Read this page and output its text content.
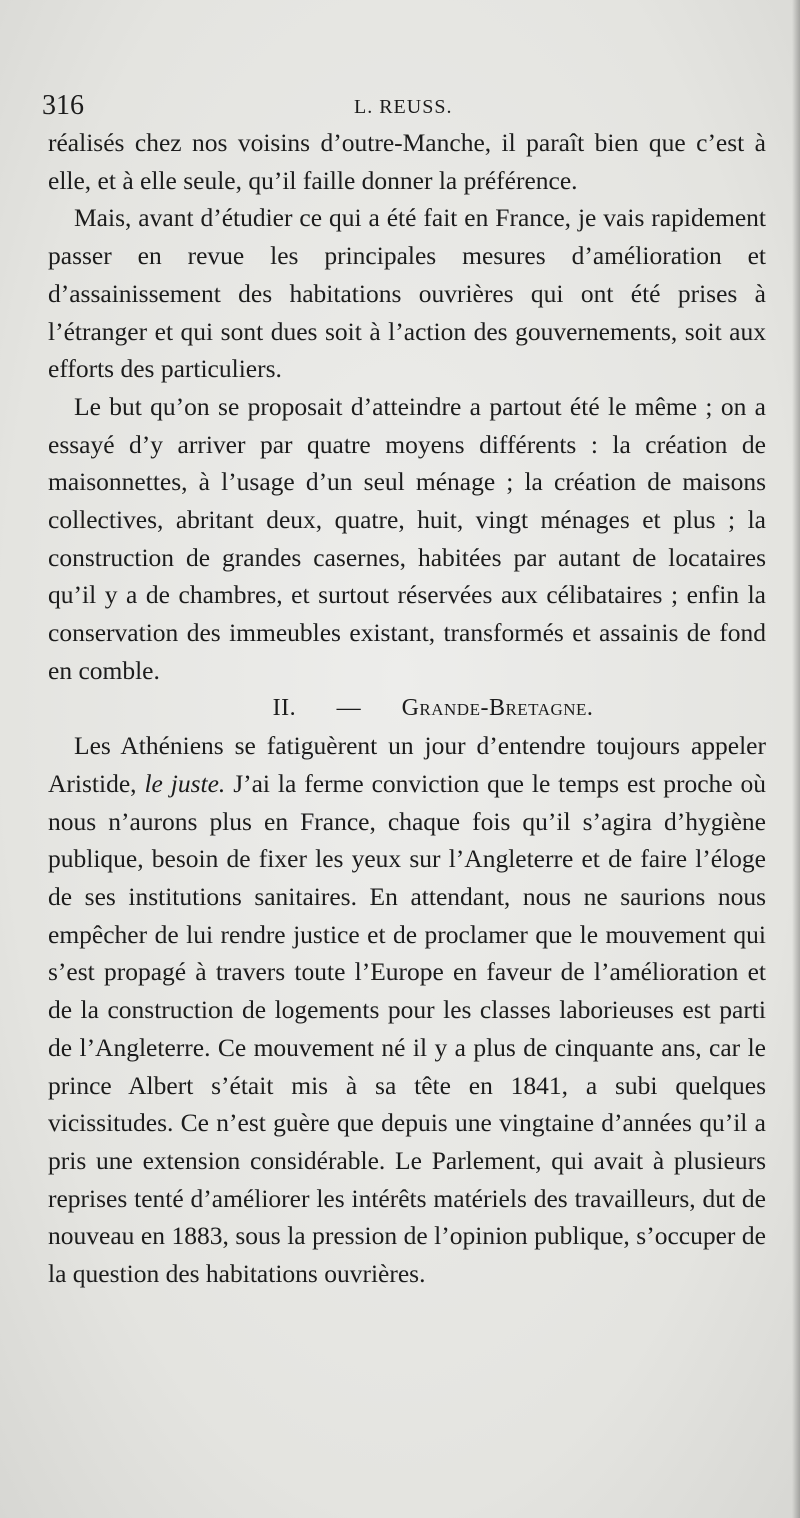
316	L. REUSS.

réalisés chez nos voisins d’outre-Manche, il paraît bien que c’est à elle, et à elle seule, qu’il faille donner la préférence.

Mais, avant d’étudier ce qui a été fait en France, je vais rapidement passer en revue les principales mesures d’amélioration et d’assainissement des habitations ouvrières qui ont été prises à l’étranger et qui sont dues soit à l’action des gouvernements, soit aux efforts des particuliers.

Le but qu’on se proposait d’atteindre a partout été le même ; on a essayé d’y arriver par quatre moyens différents : la création de maisonnettes, à l’usage d’un seul ménage ; la création de maisons collectives, abritant deux, quatre, huit, vingt ménages et plus ; la construction de grandes casernes, habitées par autant de locataires qu’il y a de chambres, et surtout réservées aux célibataires ; enfin la conservation des immeubles existant, transformés et assainis de fond en comble.

II. — Grande-Bretagne.

Les Athéniens se fatiguèrent un jour d’entendre toujours appeler Aristide, le juste. J’ai la ferme conviction que le temps est proche où nous n’aurons plus en France, chaque fois qu’il s’agira d’hygiène publique, besoin de fixer les yeux sur l’Angleterre et de faire l’éloge de ses institutions sanitaires. En attendant, nous ne saurions nous empêcher de lui rendre justice et de proclamer que le mouvement qui s’est propagé à travers toute l’Europe en faveur de l’amélioration et de la construction de logements pour les classes laborieuses est parti de l’Angleterre. Ce mouvement né il y a plus de cinquante ans, car le prince Albert s’était mis à sa tête en 1841, a subi quelques vicissitudes. Ce n’est guère que depuis une vingtaine d’années qu’il a pris une extension considérable. Le Parlement, qui avait à plusieurs reprises tenté d’améliorer les intérêts matériels des travailleurs, dut de nouveau en 1883, sous la pression de l’opinion publique, s’occuper de la question des habitations ouvrières.
